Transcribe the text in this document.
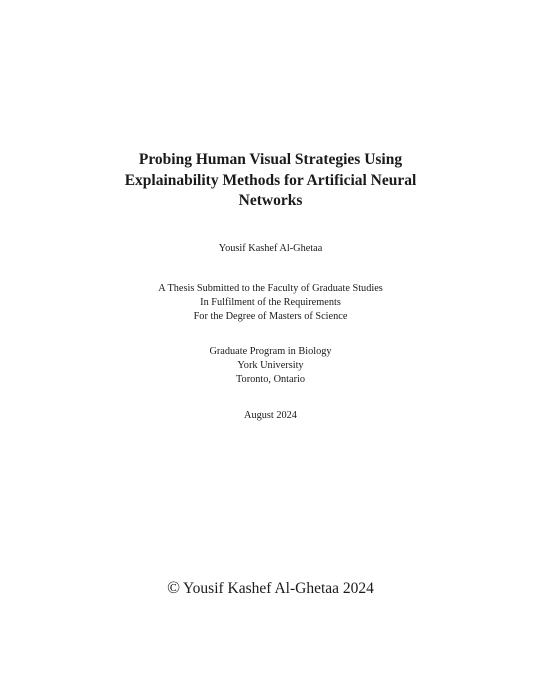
Probing Human Visual Strategies Using
Explainability Methods for Artificial Neural
Networks
Yousif Kashef Al-Ghetaa
A Thesis Submitted to the Faculty of Graduate Studies
In Fulfilment of the Requirements
For the Degree of Masters of Science
Graduate Program in Biology
York University
Toronto, Ontario
August 2024
© Yousif Kashef Al-Ghetaa 2024
